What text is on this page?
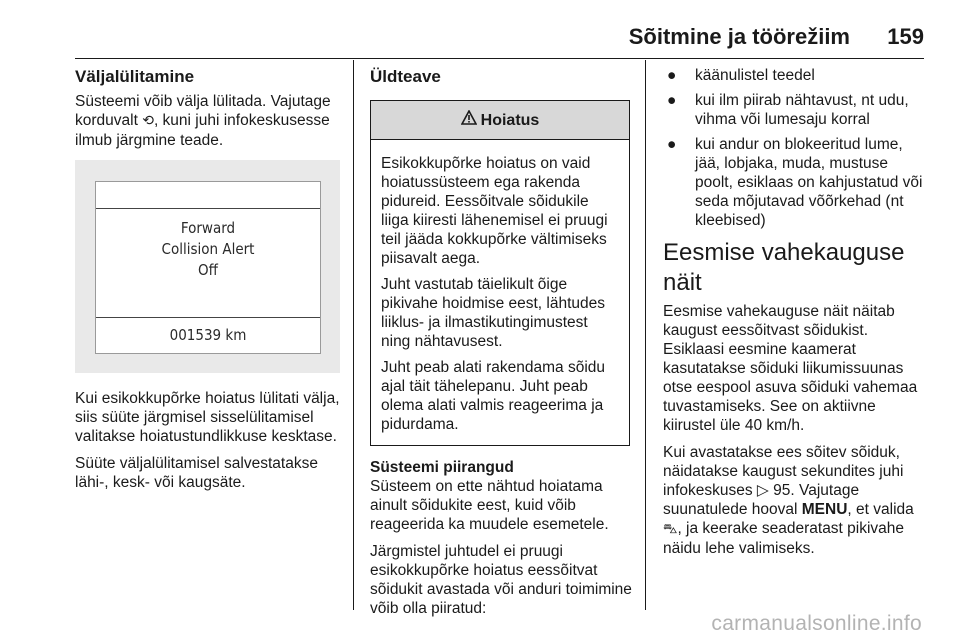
Sõitmine ja töörežiim 159
Väljalülitamine

Süsteemi võib välja lülitada. Vajutage korduvalt ⟲, kuni juhi infokeskusesse ilmub järgmine teade.

Forward
Collision Alert
Off
001539 km

Kui esikokkupõrke hoiatus lülitati välja, siis süüte järgmisel sisselülitamisel valitakse hoiatustundlikkuse kesktase.

Süüte väljalülitamisel salvestatakse lähi-, kesk- või kaugsäte.

Üldteave
Hoiatus

Esikokkupõrke hoiatus on vaid hoiatussüsteem ega rakenda pidureid. Eessõitvale sõidukile liiga kiiresti lähenemisel ei pruugi teil jääda kokkupõrke vältimiseks piisavalt aega.

Juht vastutab täielikult õige pikivahe hoidmise eest, lähtudes liiklus- ja ilmastikutingimustest ning nähtavusest.

Juht peab alati rakendama sõidu ajal täit tähelepanu. Juht peab olema alati valmis reageerima ja pidurdama.

Süsteemi piirangud

Süsteem on ette nähtud hoiatama ainult sõidukite eest, kuid võib reageerida ka muudele esemetele.

Järgmistel juhtudel ei pruugi esikokkupõrke hoiatus eessõitvat sõidukit avastada või anduri toimimine võib olla piiratud:

● käänulistel teedel
● kui ilm piirab nähtavust, nt udu, vihma või lumesaju korral
● kui andur on blokeeritud lume, jää, lobjaka, muda, mustuse poolt, esiklaas on kahjustatud või seda mõjutavad võõrkehad (nt kleebised)
Eesmise vahekauguse näit

Eesmise vahekauguse näit näitab kaugust eessõitvast sõidukist. Esiklaasi eesmine kaamerat kasutatakse sõiduki liikumissuunas otse eespool asuva sõiduki vahemaa tuvastamiseks. See on aktiivne kiirustel üle 40 km/h.

Kui avastatakse ees sõitev sõiduk, näidatakse kaugust sekundites juhi infokeskuses ▷ 95. Vajutage suunatulede hooval MENU, et valida ⛍, ja keerake seaderatast pikivahe näidu lehe valimiseks.

carmanualsonline.info
